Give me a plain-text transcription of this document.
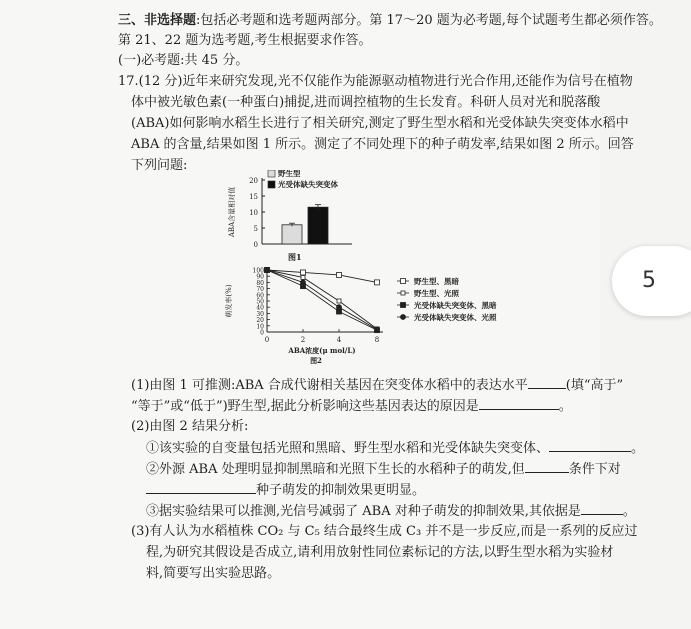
三、非选择题:包括必考题和选考题两部分。第 17～20 题为必考题,每个试题考生都必须作答。
第 21、22 题为选考题,考生根据要求作答。
(一)必考题:共 45 分。
17.(12 分)近年来研究发现,光不仅能作为能源驱动植物进行光合作用,还能作为信号在植物
体中被光敏色素(一种蛋白)捕捉,进而调控植物的生长发育。科研人员对光和脱落酸
(ABA)如何影响水稻生长进行了相关研究,测定了野生型水稻和光受体缺失突变体水稻中
ABA 的含量,结果如图 1 所示。测定了不同处理下的种子萌发率,结果如图 2 所示。回答
下列问题:
0
5
10
15
20
ABA含量相对值
野生型
光受体缺失突变体
图1
0
10
20
30
40
50
60
70
80
90
100
0	2	4	8
萌发率(%)
ABA浓度(μ mol/L)
图2
野生型、黑暗
野生型、光照
光受体缺失突变体、黑暗
光受体缺失突变体、光照
(1)由图 1 可推测:ABA 合成代谢相关基因在突变体水稻中的表达水平	(填“高于”
“等于”或“低于”)野生型,据此分析影响这些基因表达的原因是	。
(2)由图 2 结果分析:
①该实验的自变量包括光照和黑暗、野生型水稻和光受体缺失突变体、	。
②外源 ABA 处理明显抑制黑暗和光照下生长的水稻种子的萌发,但	条件下对
种子萌发的抑制效果更明显。
③据实验结果可以推测,光信号减弱了 ABA 对种子萌发的抑制效果,其依据是	。
(3)有人认为水稻植株 CO₂ 与 C₅ 结合最终生成 C₃ 并不是一步反应,而是一系列的反应过
程,为研究其假设是否成立,请利用放射性同位素标记的方法,以野生型水稻为实验材
料,简要写出实验思路。
5
